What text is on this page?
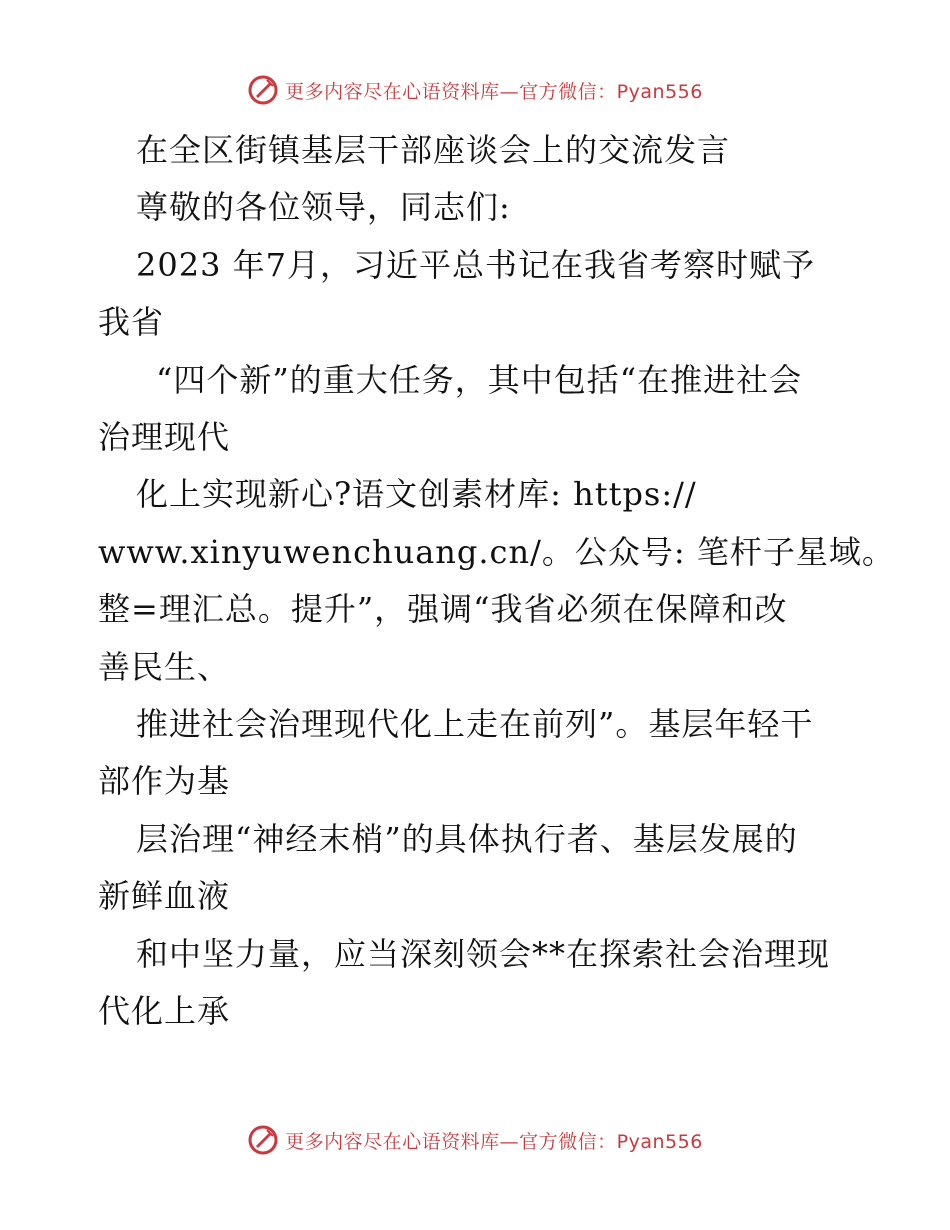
更多内容尽在心语资料库—官方微信：Pyan556
在全区街镇基层干部座谈会上的交流发言
尊敬的各位领导，同志们:
2023 年7月，习近平总书记在我省考察时赋予
我省
“四个新”的重大任务，其中包括“在推进社会
治理现代
化上实现新心?语文创素材库: https://
www.xinyuwenchuang.cn/。公众号: 笔杆子星域。
整=理汇总。提升”，强调“我省必须在保障和改
善民生、
推进社会治理现代化上走在前列”。基层年轻干
部作为基
层治理“神经末梢”的具体执行者、基层发展的
新鲜血液
和中坚力量，应当深刻领会**在探索社会治理现
代化上承
更多内容尽在心语资料库—官方微信：Pyan556
